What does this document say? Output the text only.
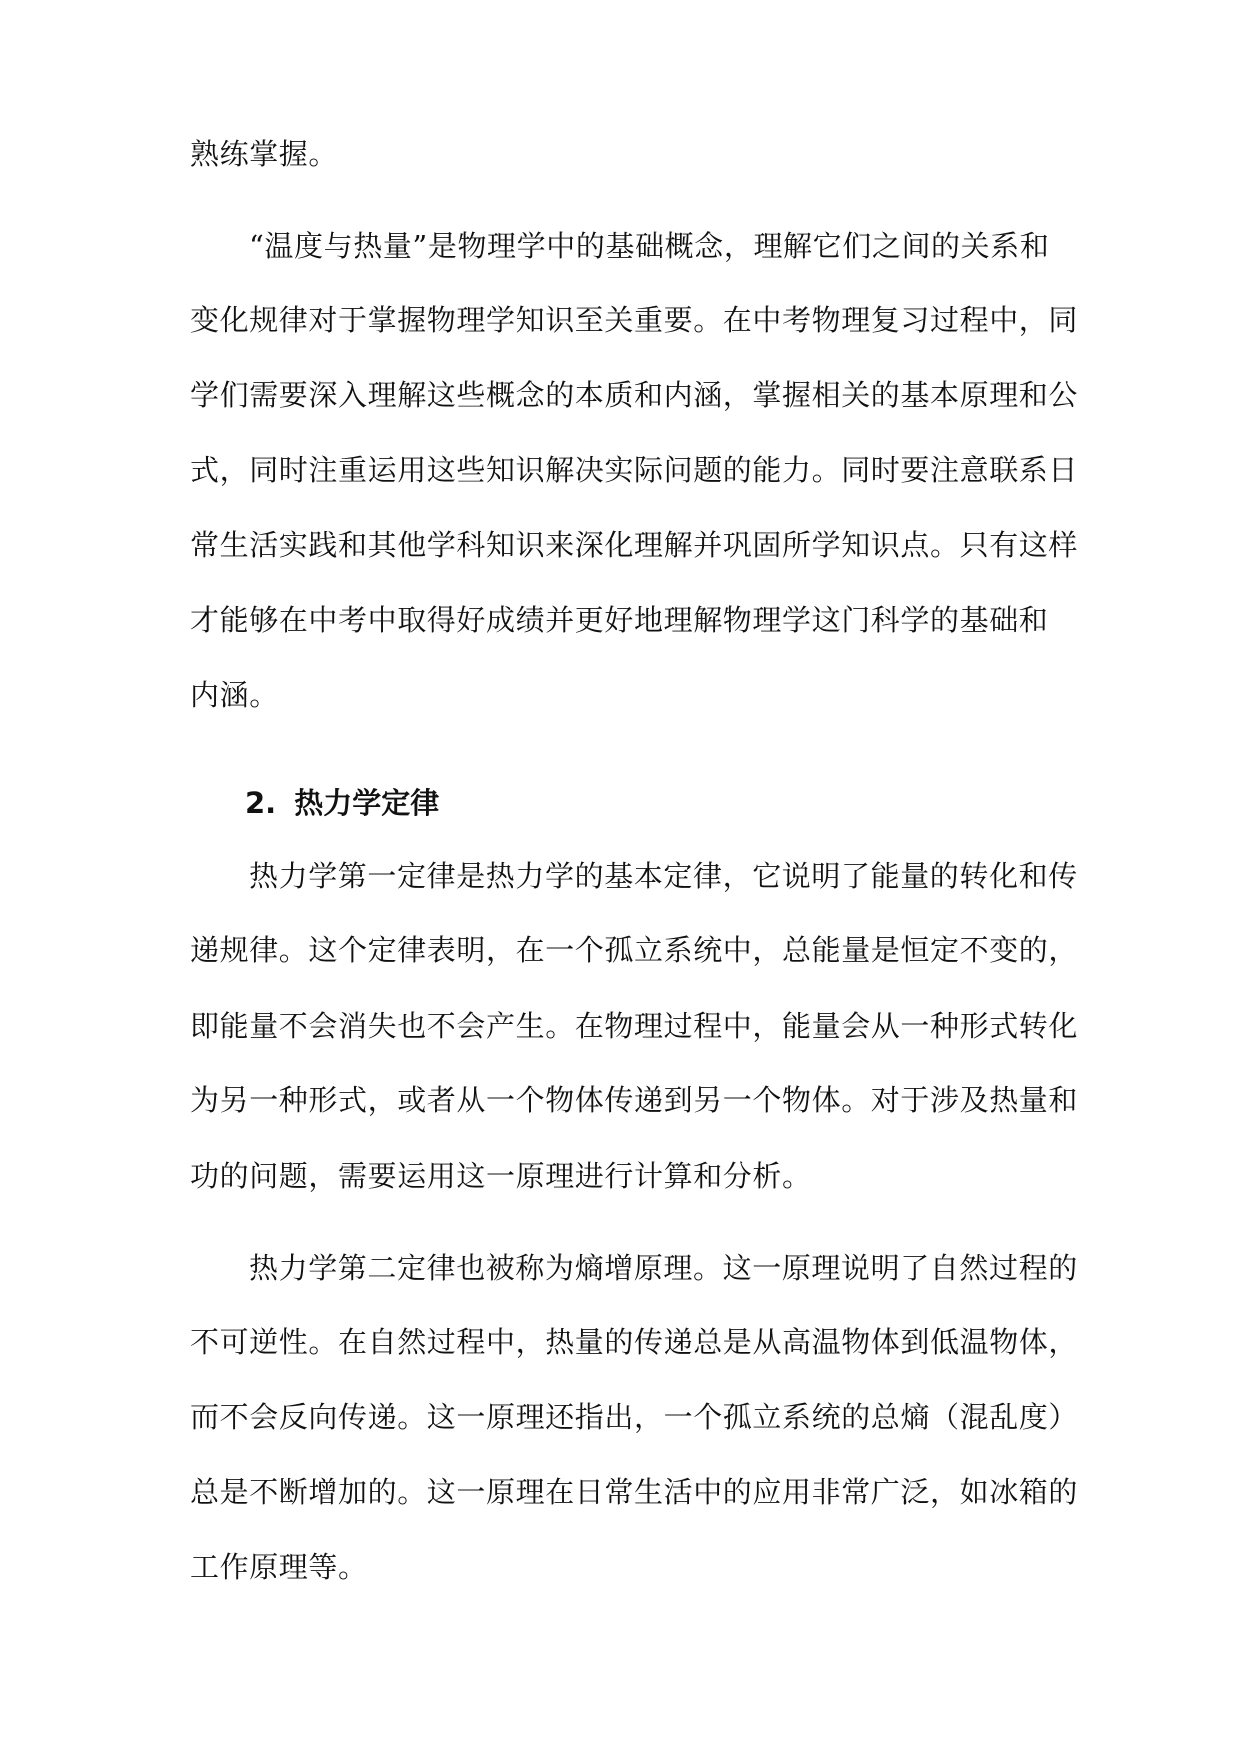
熟练掌握。

“温度与热量”是物理学中的基础概念，理解它们之间的关系和

变化规律对于掌握物理学知识至关重要。在中考物理复习过程中，同

学们需要深入理解这些概念的本质和内涵，掌握相关的基本原理和公

式，同时注重运用这些知识解决实际问题的能力。同时要注意联系日

常生活实践和其他学科知识来深化理解并巩固所学知识点。只有这样

才能够在中考中取得好成绩并更好地理解物理学这门科学的基础和

内涵。

2. 热力学定律

热力学第一定律是热力学的基本定律，它说明了能量的转化和传

递规律。这个定律表明，在一个孤立系统中，总能量是恒定不变的，

即能量不会消失也不会产生。在物理过程中，能量会从一种形式转化

为另一种形式，或者从一个物体传递到另一个物体。对于涉及热量和

功的问题，需要运用这一原理进行计算和分析。

热力学第二定律也被称为熵增原理。这一原理说明了自然过程的

不可逆性。在自然过程中，热量的传递总是从高温物体到低温物体，

而不会反向传递。这一原理还指出，一个孤立系统的总熵（混乱度）

总是不断增加的。这一原理在日常生活中的应用非常广泛，如冰箱的

工作原理等。
